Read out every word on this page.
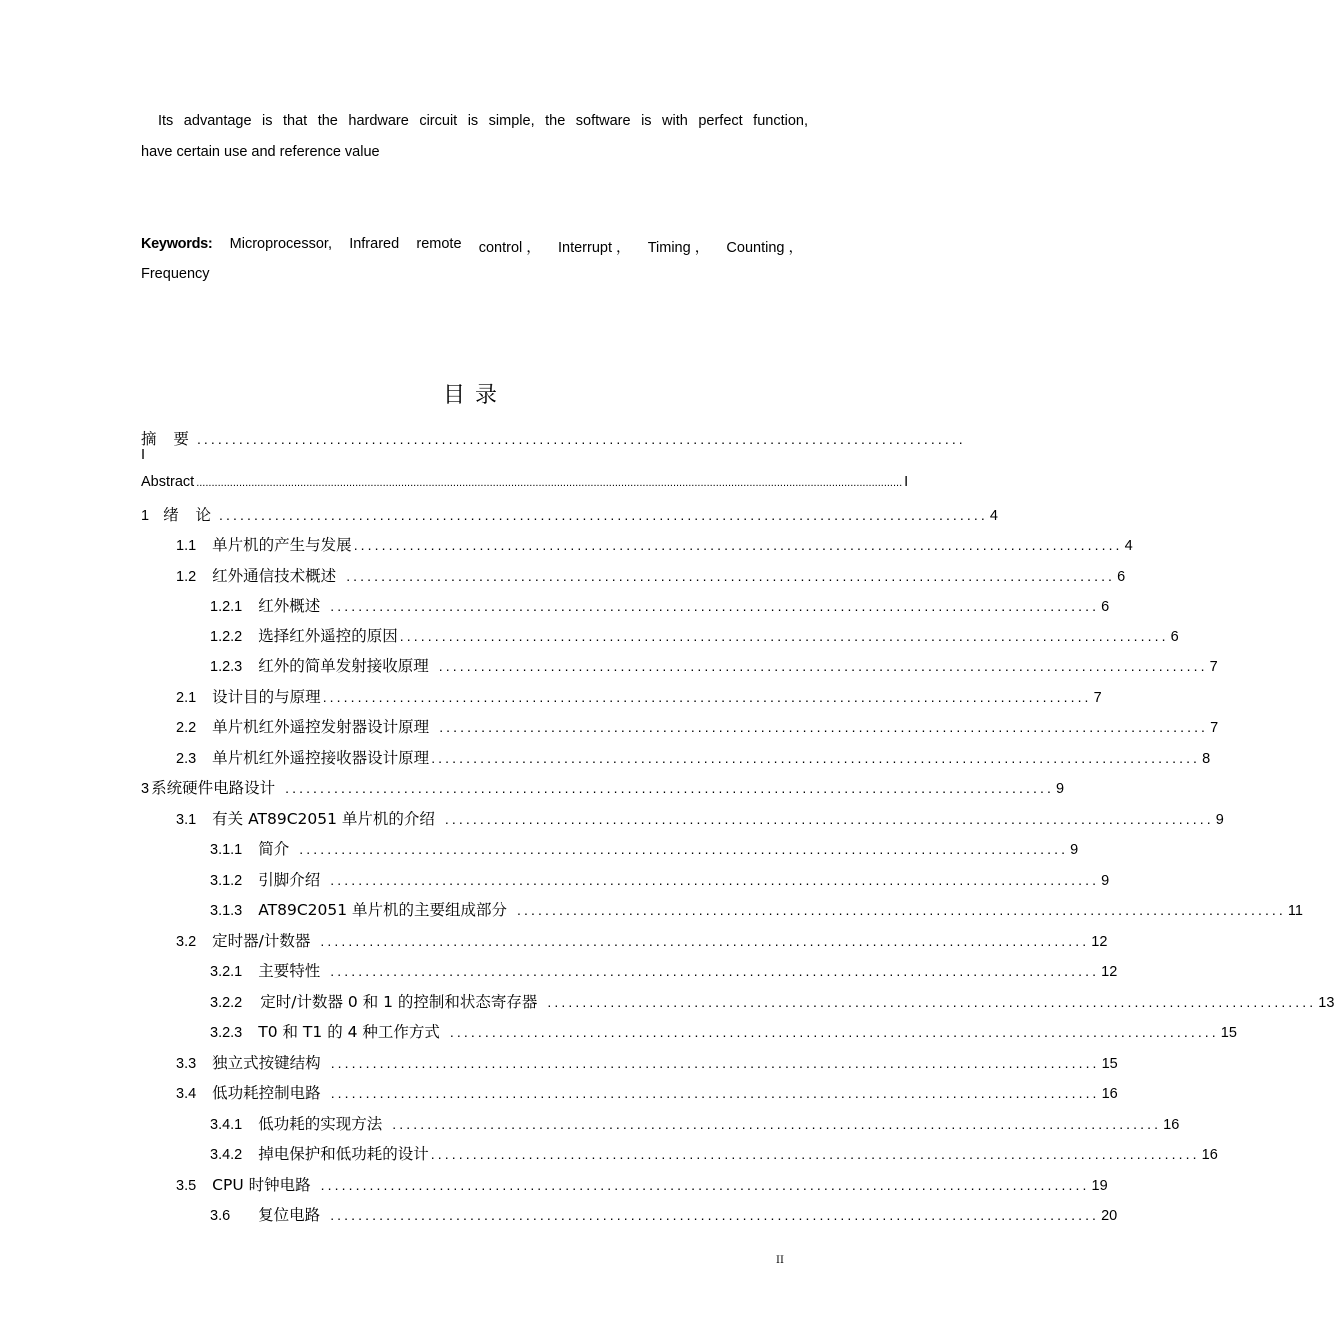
Its advantage is that the hardware circuit is simple, the software is with perfect function,
have certain use and reference value
Keywords: Microprocessor, Infrared remote control ， Interrupt ， Timing ， Counting ，
Frequency
目录
摘 要 ..............................................................................................................
I
Abstract ....................................................................................................................................................................................................................................... I
1 绪 论 .............................................................................................................. 4
1.1 单片机的产生与发展 .............................................................................................................. 4
1.2 红外通信技术概述 .............................................................................................................. 6
1.2.1 红外概述 .............................................................................................................. 6
1.2.2 选择红外遥控的原因 .............................................................................................................. 6
1.2.3 红外的简单发射接收原理 .............................................................................................................. 7
2.1 设计目的与原理 .............................................................................................................. 7
2.2 单片机红外遥控发射器设计原理 .............................................................................................................. 7
2.3 单片机红外遥控接收器设计原理 .............................................................................................................. 8
3 系统硬件电路设计 .............................................................................................................. 9
3.1 有关 AT89C2051 单片机的介绍 .............................................................................................................. 9
3.1.1 简介 .............................................................................................................. 9
3.1.2 引脚介绍 .............................................................................................................. 9
3.1.3 AT89C2051 单片机的主要组成部分 .............................................................................................................. 11
3.2 定时器/计数器 .............................................................................................................. 12
3.2.1 主要特性 .............................................................................................................. 12
3.2.2 定时/计数器 0 和 1 的控制和状态寄存器 .............................................................................................................. 13
3.2.3 T0 和 T1 的 4 种工作方式 .............................................................................................................. 15
3.3 独立式按键结构 .............................................................................................................. 15
3.4 低功耗控制电路 .............................................................................................................. 16
3.4.1 低功耗的实现方法 .............................................................................................................. 16
3.4.2 掉电保护和低功耗的设计 .............................................................................................................. 16
3.5 CPU 时钟电路 .............................................................................................................. 19
3.6 复位电路 .............................................................................................................. 20
II
